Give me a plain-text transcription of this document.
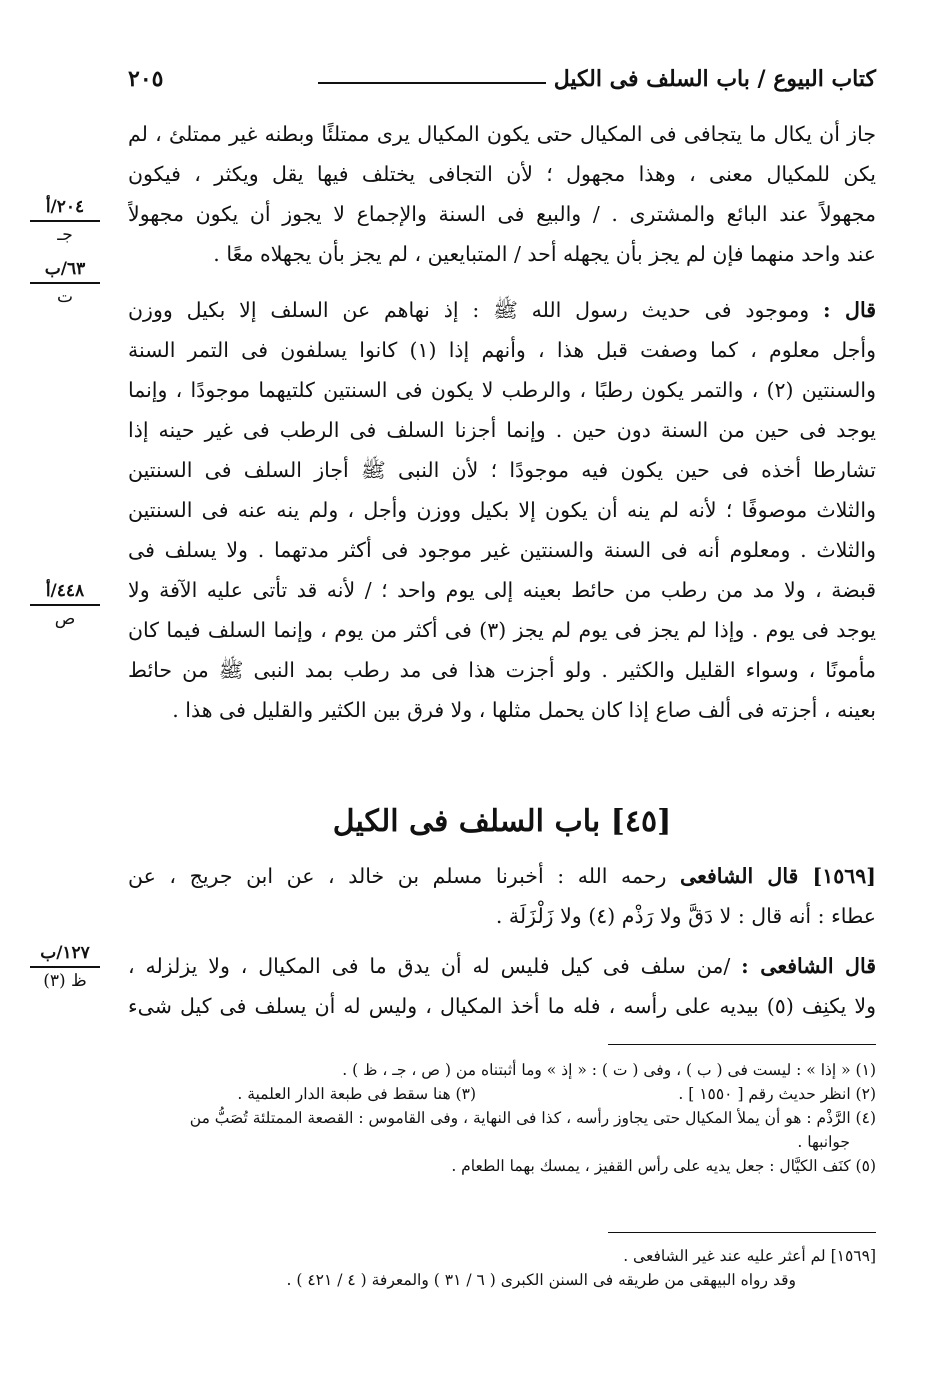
كتاب البيوع / باب السلف فى الكيل
٢٠٥
٢٠٤/أ
جـ
٦٣/ب
ت
٤٤٨/أ
ص
١٢٧/ب
ظ (٣)
جاز أن يكال ما يتجافى فى المكيال حتى يكون المكيال يرى ممتلئًا وبطنه غير ممتلئ ، لم
يكن للمكيال معنى ، وهذا مجهول ؛ لأن التجافى يختلف فيها يقل ويكثر ، فيكون
مجهولاً عند البائع والمشترى . / والبيع فى السنة والإجماع لا يجوز أن يكون مجهولاً
عند واحد منهما فإن لم يجز بأن يجهله أحد / المتبايعين ، لم يجز بأن يجهلاه معًا .
قال : وموجود فى حديث رسول الله ﷺ : إذ نهاهم عن السلف إلا بكيل ووزن
وأجل معلوم ، كما وصفت قبل هذا ، وأنهم إذا (١) كانوا يسلفون فى التمر السنة
والسنتين (٢) ، والتمر يكون رطبًا ، والرطب لا يكون فى السنتين كلتيهما موجودًا ، وإنما
يوجد فى حين من السنة دون حين . وإنما أجزنا السلف فى الرطب فى غير حينه إذا
تشارطا أخذه فى حين يكون فيه موجودًا ؛ لأن النبى ﷺ أجاز السلف فى السنتين
والثلاث موصوفًا ؛ لأنه لم ينه أن يكون إلا بكيل ووزن وأجل ، ولم ينه عنه فى السنتين
والثلاث . ومعلوم أنه فى السنة والسنتين غير موجود فى أكثر مدتهما . ولا يسلف فى
قبضة ، ولا مد من رطب من حائط بعينه إلى يوم واحد ؛ / لأنه قد تأتى عليه الآفة ولا
يوجد فى يوم . وإذا لم يجز فى يوم لم يجز (٣) فى أكثر من يوم ، وإنما السلف فيما كان
مأمونًا ، وسواء القليل والكثير . ولو أجزت هذا فى مد رطب بمد النبى ﷺ من حائط
بعينه ، أجزته فى ألف صاع إذا كان يحمل مثلها ، ولا فرق بين الكثير والقليل فى هذا .
[٤٥] باب السلف فى الكيل
[١٥٦٩] قال الشافعى رحمه الله : أخبرنا مسلم بن خالد ، عن ابن جريج ، عن
عطاء : أنه قال : لا دَقَّ ولا رَذْم (٤) ولا زَلْزَلَة .
قال الشافعى : /من سلف فى كيل فليس له أن يدق ما فى المكيال ، ولا يزلزله ،
ولا يكنِف (٥) بيديه على رأسه ، فله ما أخذ المكيال ، وليس له أن يسلف فى كيل شىء
(١) « إذا » : ليست فى ( ب ) ، وفى ( ت ) : « إذ » وما أثبتناه من ( ص ، جـ ، ظ ) .
(٢) انظر حديث رقم [ ١٥٥٠ ] .
(٣) هنا سقط فى طبعة الدار العلمية .
(٤) الرَّذْم : هو أن يملأ المكيال حتى يجاوز رأسه ، كذا فى النهاية ، وفى القاموس : القصعة الممتلئة تُصَبُّ من
جوانبها .
(٥) كنَف الكيَّال : جعل يديه على رأس القفيز ، يمسك بهما الطعام .
[١٥٦٩] لم أعثر عليه عند غير الشافعى .
وقد رواه البيهقى من طريقه فى السنن الكبرى ( ٦ / ٣١ ) والمعرفة ( ٤ / ٤٢١ ) .
